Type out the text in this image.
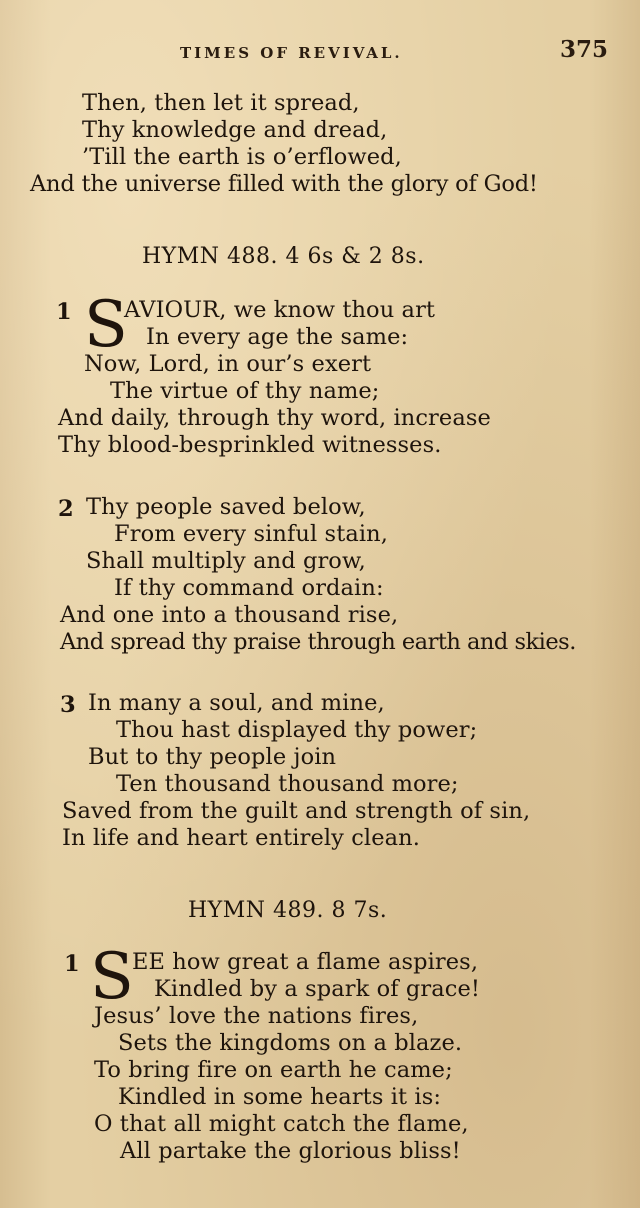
TIMES OF REVIVAL.	375
Then, then let it spread,
Thy knowledge and dread,
’Till the earth is o’erflowed,
And the universe filled with the glory of God!
HYMN 488. 4 6s & 2 8s.
1 S
AVIOUR, we know thou art
In every age the same:
Now, Lord, in our’s exert
The virtue of thy name;
And daily, through thy word, increase
Thy blood-besprinkled witnesses.
2 Thy people saved below,
From every sinful stain,
Shall multiply and grow,
If thy command ordain:
And one into a thousand rise,
And spread thy praise through earth and skies.
3 In many a soul, and mine,
Thou hast displayed thy power;
But to thy people join
Ten thousand thousand more;
Saved from the guilt and strength of sin,
In life and heart entirely clean.
HYMN 489. 8 7s.
1 S
EE how great a flame aspires,
Kindled by a spark of grace!
Jesus’ love the nations fires,
Sets the kingdoms on a blaze.
To bring fire on earth he came;
Kindled in some hearts it is:
O that all might catch the flame,
All partake the glorious bliss!
